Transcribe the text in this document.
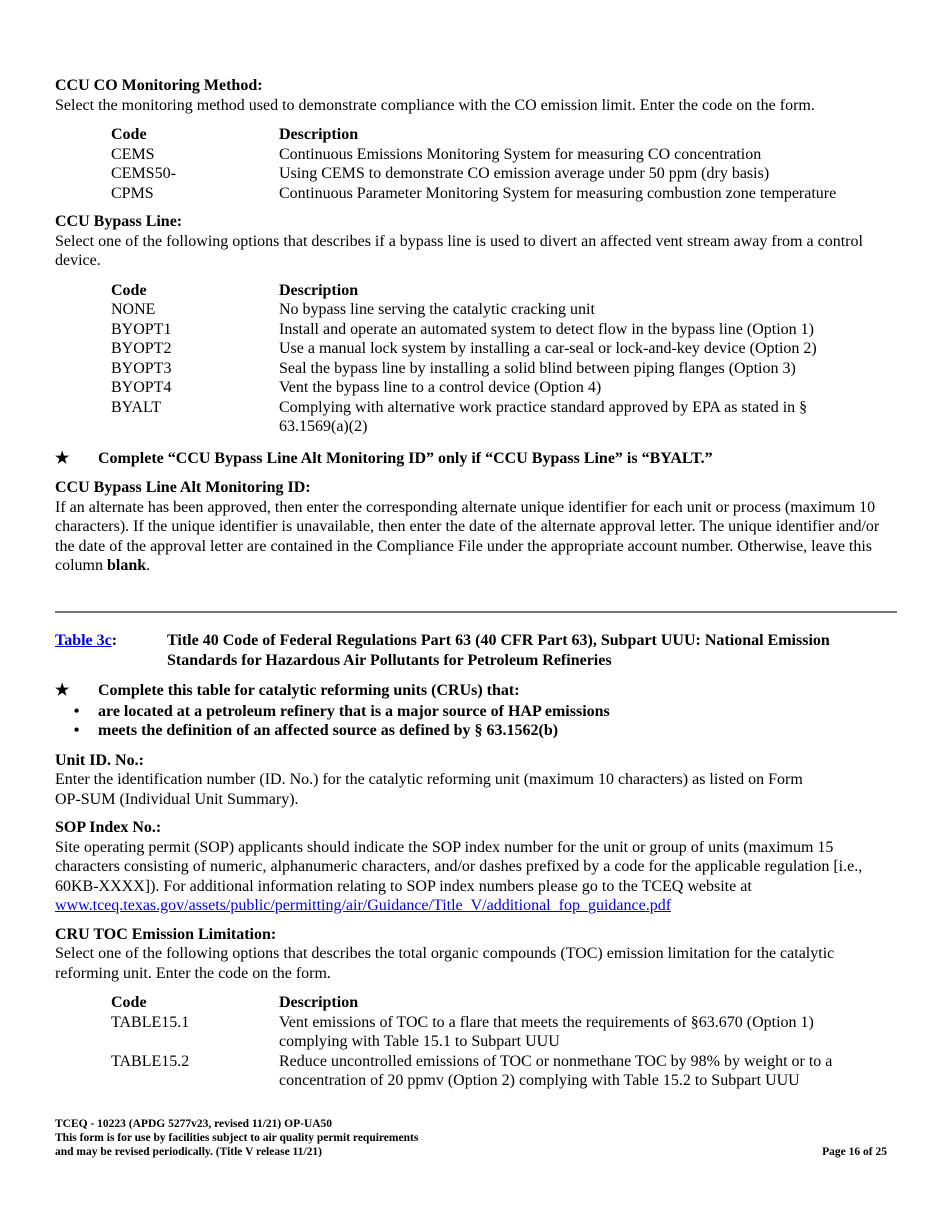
CCU CO Monitoring Method:

Select the monitoring method used to demonstrate compliance with the CO emission limit. Enter the code on the form.

Code	Description
CEMS	Continuous Emissions Monitoring System for measuring CO concentration
CEMS50-	Using CEMS to demonstrate CO emission average under 50 ppm (dry basis)
CPMS	Continuous Parameter Monitoring System for measuring combustion zone temperature

CCU Bypass Line:

Select one of the following options that describes if a bypass line is used to divert an affected vent stream away from a control device.

Code	Description
NONE	No bypass line serving the catalytic cracking unit
BYOPT1	Install and operate an automated system to detect flow in the bypass line (Option 1)
BYOPT2	Use a manual lock system by installing a car-seal or lock-and-key device (Option 2)
BYOPT3	Seal the bypass line by installing a solid blind between piping flanges (Option 3)
BYOPT4	Vent the bypass line to a control device (Option 4)
BYALT	Complying with alternative work practice standard approved by EPA as stated in § 63.1569(a)(2)
★	Complete “CCU Bypass Line Alt Monitoring ID” only if “CCU Bypass Line” is “BYALT.”

CCU Bypass Line Alt Monitoring ID:

If an alternate has been approved, then enter the corresponding alternate unique identifier for each unit or process (maximum 10 characters). If the unique identifier is unavailable, then enter the date of the alternate approval letter. The unique identifier and/or the date of the approval letter are contained in the Compliance File under the appropriate account number. Otherwise, leave this column blank.

Table 3c:	Title 40 Code of Federal Regulations Part 63 (40 CFR Part 63), Subpart UUU: National Emission Standards for Hazardous Air Pollutants for Petroleum Refineries
★	Complete this table for catalytic reforming units (CRUs) that:
•	are located at a petroleum refinery that is a major source of HAP emissions
•	meets the definition of an affected source as defined by § 63.1562(b)

Unit ID. No.:

Enter the identification number (ID. No.) for the catalytic reforming unit (maximum 10 characters) as listed on Form OP-SUM (Individual Unit Summary).

SOP Index No.:

Site operating permit (SOP) applicants should indicate the SOP index number for the unit or group of units (maximum 15 characters consisting of numeric, alphanumeric characters, and/or dashes prefixed by a code for the applicable regulation [i.e., 60KB-XXXX]). For additional information relating to SOP index numbers please go to the TCEQ website at www.tceq.texas.gov/assets/public/permitting/air/Guidance/Title_V/additional_fop_guidance.pdf

CRU TOC Emission Limitation:

Select one of the following options that describes the total organic compounds (TOC) emission limitation for the catalytic reforming unit. Enter the code on the form.

Code	Description
TABLE15.1	Vent emissions of TOC to a flare that meets the requirements of §63.670 (Option 1) complying with Table 15.1 to Subpart UUU
TABLE15.2	Reduce uncontrolled emissions of TOC or nonmethane TOC by 98% by weight or to a concentration of 20 ppmv (Option 2) complying with Table 15.2 to Subpart UUU
TCEQ - 10223 (APDG 5277v23, revised 11/21) OP-UA50
This form is for use by facilities subject to air quality permit requirements
and may be revised periodically. (Title V release 11/21)	Page 16 of 25
